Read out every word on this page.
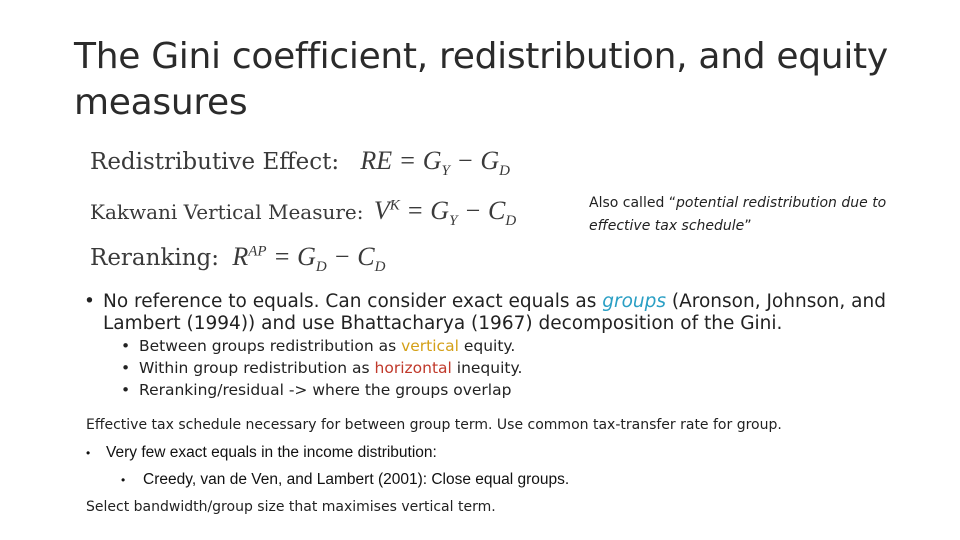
The Gini coefficient, redistribution, and equity measures
Redistributive Effect: RE = $G_Y - G_D$
Kakwani Vertical Measure: $V^K = G_Y - C_D$
Reranking: $R^{AP} = G_D - C_D$
Also called “potential redistribution due to effective tax schedule”
• No reference to equals. Can consider exact equals as groups (Aronson, Johnson, and Lambert (1994)) and use Bhattacharya (1967) decomposition of the Gini.
• Between groups redistribution as vertical equity.
• Within group redistribution as horizontal inequity.
• Reranking/residual -> where the groups overlap
Effective tax schedule necessary for between group term. Use common tax-transfer rate for group.
• Very few exact equals in the income distribution:
• Creedy, van de Ven, and Lambert (2001): Close equal groups.
Select bandwidth/group size that maximises vertical term.
